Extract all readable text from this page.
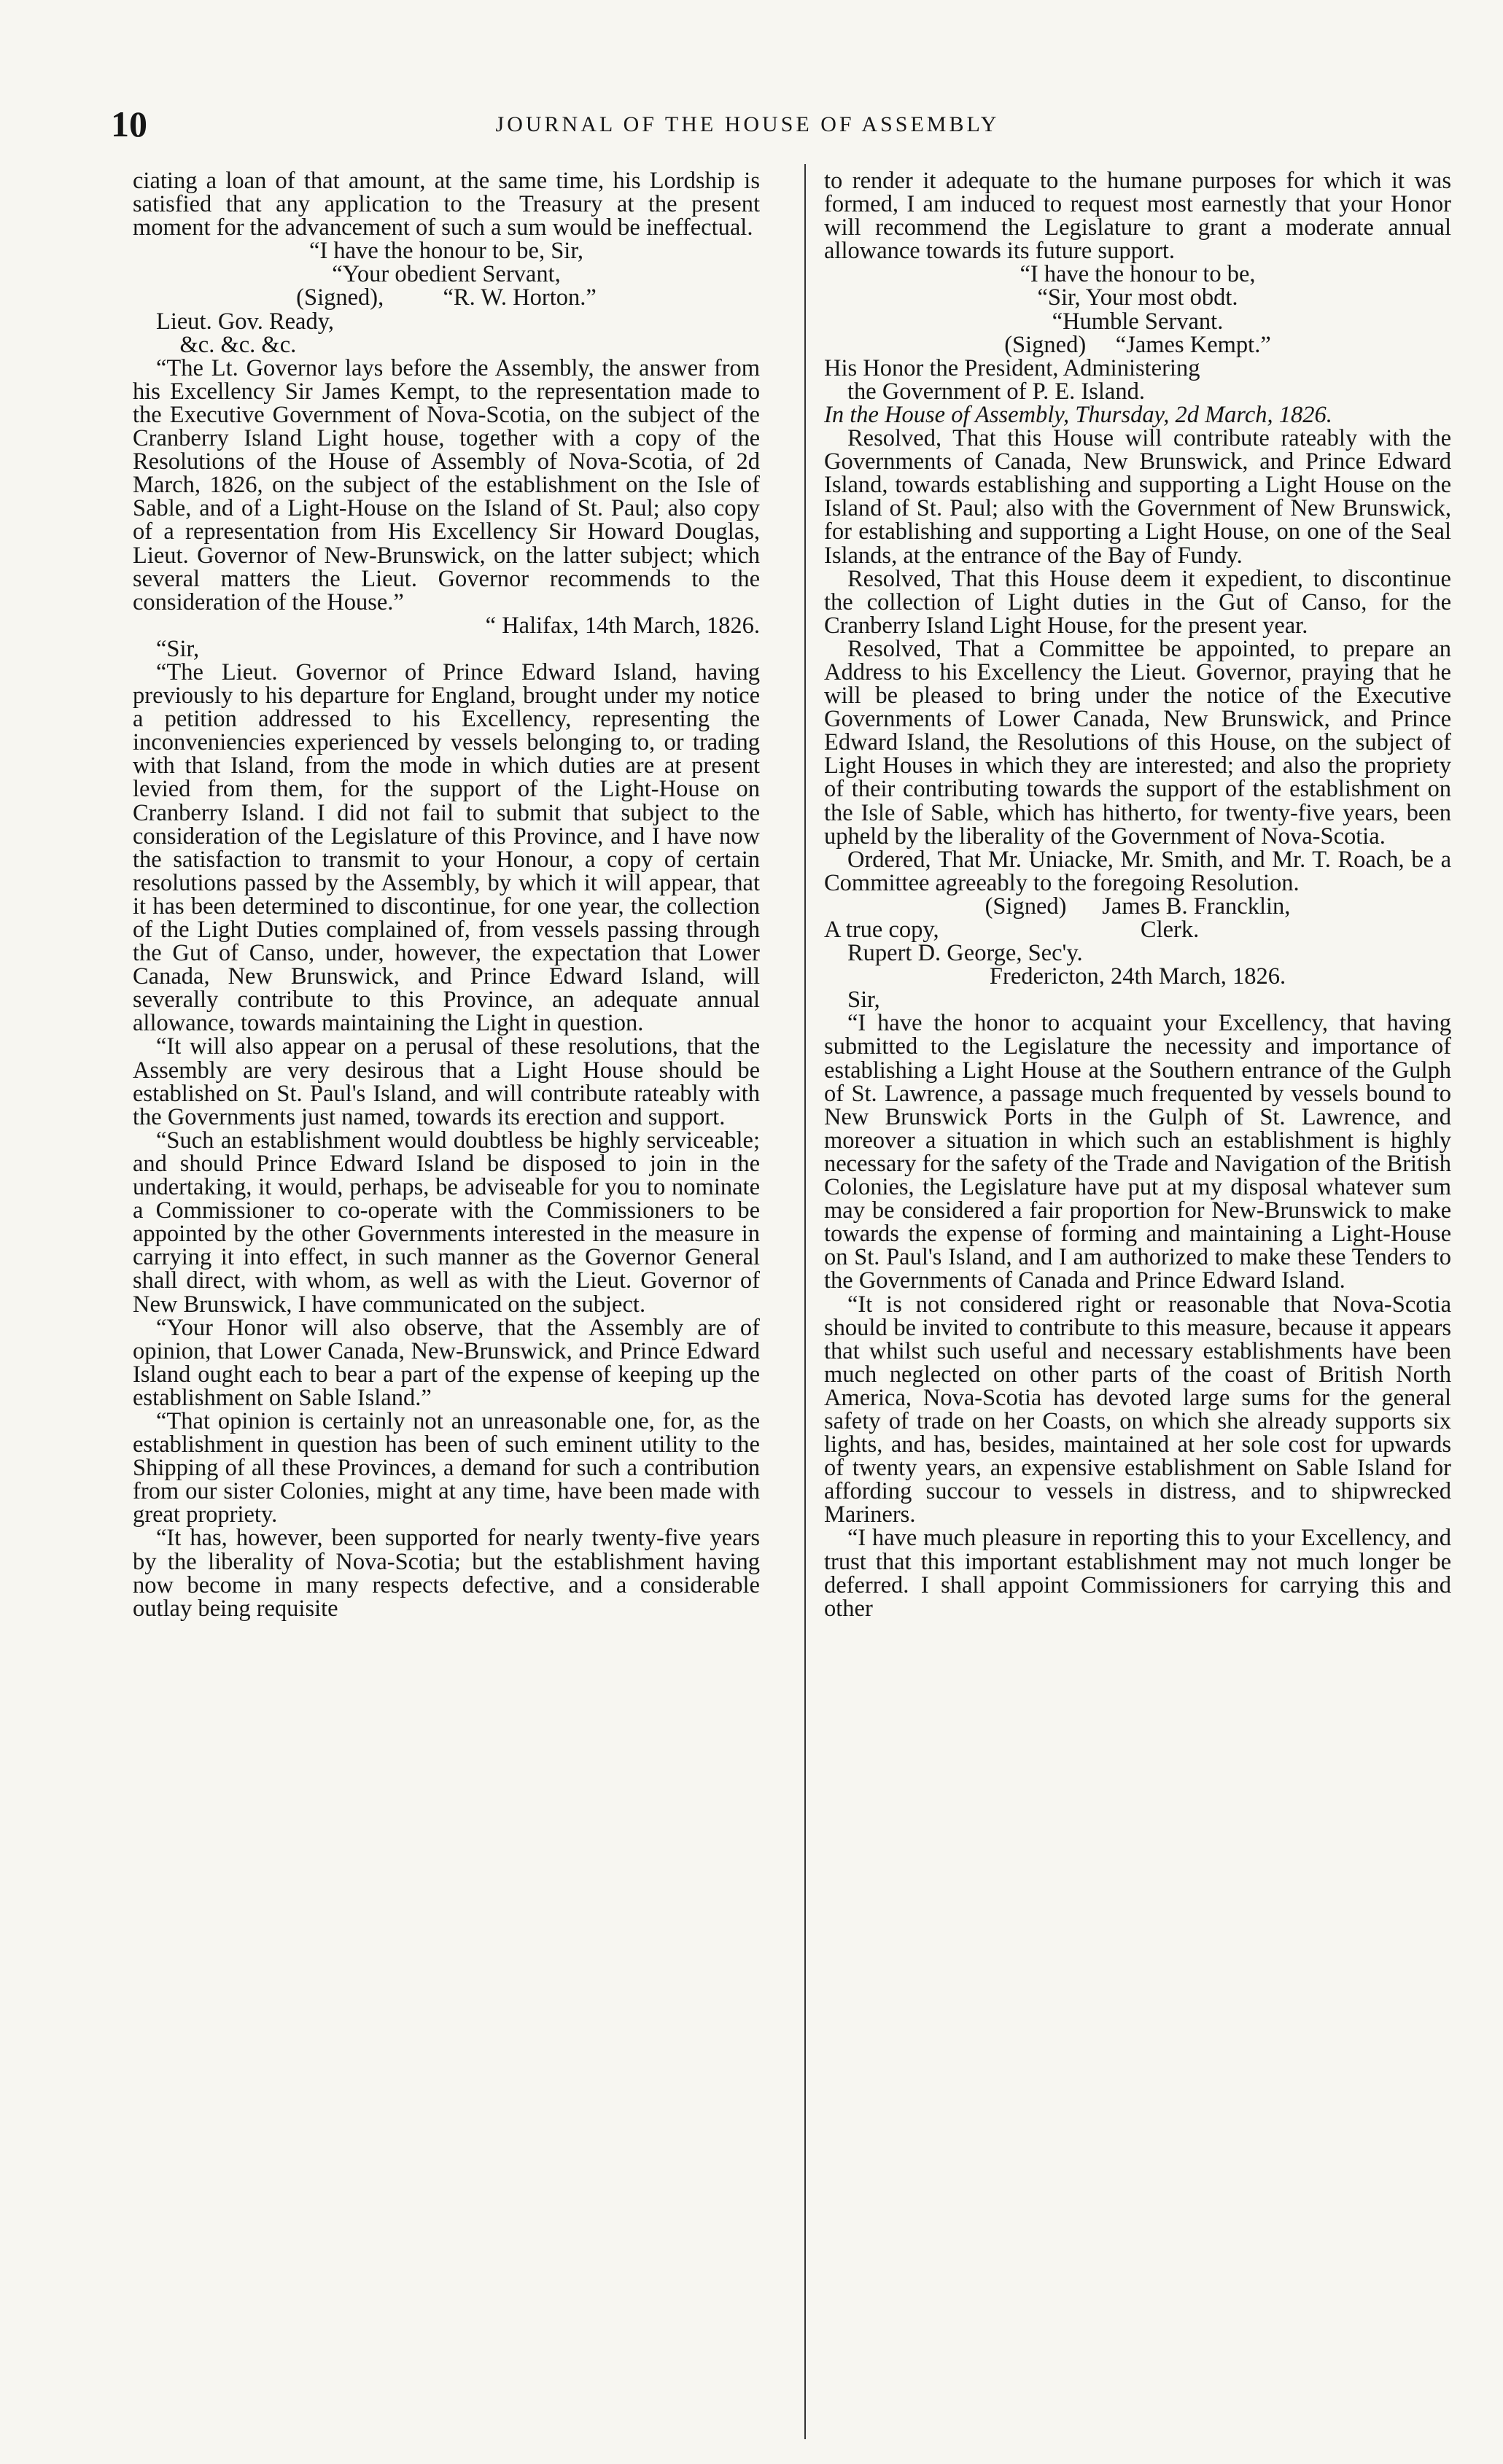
10	JOURNAL OF THE HOUSE OF ASSEMBLY

ciating a loan of that amount, at the same time, his Lordship is satisfied that any application to the Treasury at the present moment for the advancement of such a sum would be ineffectual.

“I have the honour to be, Sir,

“Your obedient Servant,

(Signed),          “R. W. Horton.”

Lieut. Gov. Ready,

&c. &c. &c.

“The Lt. Governor lays before the Assembly, the answer from his Excellency Sir James Kempt, to the representation made to the Executive Government of Nova-Scotia, on the subject of the Cranberry Island Light house, together with a copy of the Resolutions of the House of Assembly of Nova-Scotia, of 2d March, 1826, on the subject of the establishment on the Isle of Sable, and of a Light-House on the Island of St. Paul; also copy of a representation from His Excellency Sir Howard Douglas, Lieut. Governor of New-Brunswick, on the latter subject; which several matters the Lieut. Governor recommends to the consideration of the House.”

“ Halifax, 14th March, 1826.

“Sir,

“The Lieut. Governor of Prince Edward Island, having previously to his departure for England, brought under my notice a petition addressed to his Excellency, representing the inconveniencies experienced by vessels belonging to, or trading with that Island, from the mode in which duties are at present levied from them, for the support of the Light-House on Cranberry Island. I did not fail to submit that subject to the consideration of the Legislature of this Province, and I have now the satisfaction to transmit to your Honour, a copy of certain resolutions passed by the Assembly, by which it will appear, that it has been determined to discontinue, for one year, the collection of the Light Duties complained of, from vessels passing through the Gut of Canso, under, however, the expectation that Lower Canada, New Brunswick, and Prince Edward Island, will severally contribute to this Province, an adequate annual allowance, towards maintaining the Light in question.

“It will also appear on a perusal of these resolutions, that the Assembly are very desirous that a Light House should be established on St. Paul's Island, and will contribute rateably with the Governments just named, towards its erection and support.

“Such an establishment would doubtless be highly serviceable; and should Prince Edward Island be disposed to join in the undertaking, it would, perhaps, be adviseable for you to nominate a Commissioner to co-operate with the Commissioners to be appointed by the other Governments interested in the measure in carrying it into effect, in such manner as the Governor General shall direct, with whom, as well as with the Lieut. Governor of New Brunswick, I have communicated on the subject.

“Your Honor will also observe, that the Assembly are of opinion, that Lower Canada, New-Brunswick, and Prince Edward Island ought each to bear a part of the expense of keeping up the establishment on Sable Island.”

“That opinion is certainly not an unreasonable one, for, as the establishment in question has been of such eminent utility to the Shipping of all these Provinces, a demand for such a contribution from our sister Colonies, might at any time, have been made with great propriety.

“It has, however, been supported for nearly twenty-five years by the liberality of Nova-Scotia; but the establishment having now become in many respects defective, and a considerable outlay being requisite

to render it adequate to the humane purposes for which it was formed, I am induced to request most earnestly that your Honor will recommend the Legislature to grant a moderate annual allowance towards its future support.

“I have the honour to be,

“Sir, Your most obdt.

“Humble Servant.

(Signed)     “James Kempt.”

His Honor the President, Administering

the Government of P. E. Island.

In the House of Assembly, Thursday, 2d March, 1826.

Resolved, That this House will contribute rateably with the Governments of Canada, New Brunswick, and Prince Edward Island, towards establishing and supporting a Light House on the Island of St. Paul; also with the Government of New Brunswick, for establishing and supporting a Light House, on one of the Seal Islands, at the entrance of the Bay of Fundy.

Resolved, That this House deem it expedient, to discontinue the collection of Light duties in the Gut of Canso, for the Cranberry Island Light House, for the present year.

Resolved, That a Committee be appointed, to prepare an Address to his Excellency the Lieut. Governor, praying that he will be pleased to bring under the notice of the Executive Governments of Lower Canada, New Brunswick, and Prince Edward Island, the Resolutions of this House, on the subject of Light Houses in which they are interested; and also the propriety of their contributing towards the support of the establishment on the Isle of Sable, which has hitherto, for twenty-five years, been upheld by the liberality of the Government of Nova-Scotia.

Ordered, That Mr. Uniacke, Mr. Smith, and Mr. T. Roach, be a Committee agreeably to the foregoing Resolution.

(Signed)      James B. Francklin,

A true copy,                                  Clerk.

Rupert D. George, Sec'y.

Fredericton, 24th March, 1826.

Sir,

“I have the honor to acquaint your Excellency, that having submitted to the Legislature the necessity and importance of establishing a Light House at the Southern entrance of the Gulph of St. Lawrence, a passage much frequented by vessels bound to New Brunswick Ports in the Gulph of St. Lawrence, and moreover a situation in which such an establishment is highly necessary for the safety of the Trade and Navigation of the British Colonies, the Legislature have put at my disposal whatever sum may be considered a fair proportion for New-Brunswick to make towards the expense of forming and maintaining a Light-House on St. Paul's Island, and I am authorized to make these Tenders to the Governments of Canada and Prince Edward Island.

“It is not considered right or reasonable that Nova-Scotia should be invited to contribute to this measure, because it appears that whilst such useful and necessary establishments have been much neglected on other parts of the coast of British North America, Nova-Scotia has devoted large sums for the general safety of trade on her Coasts, on which she already supports six lights, and has, besides, maintained at her sole cost for upwards of twenty years, an expensive establishment on Sable Island for affording succour to vessels in distress, and to shipwrecked Mariners.

“I have much pleasure in reporting this to your Excellency, and trust that this important establishment may not much longer be deferred. I shall appoint Commissioners for carrying this and other
